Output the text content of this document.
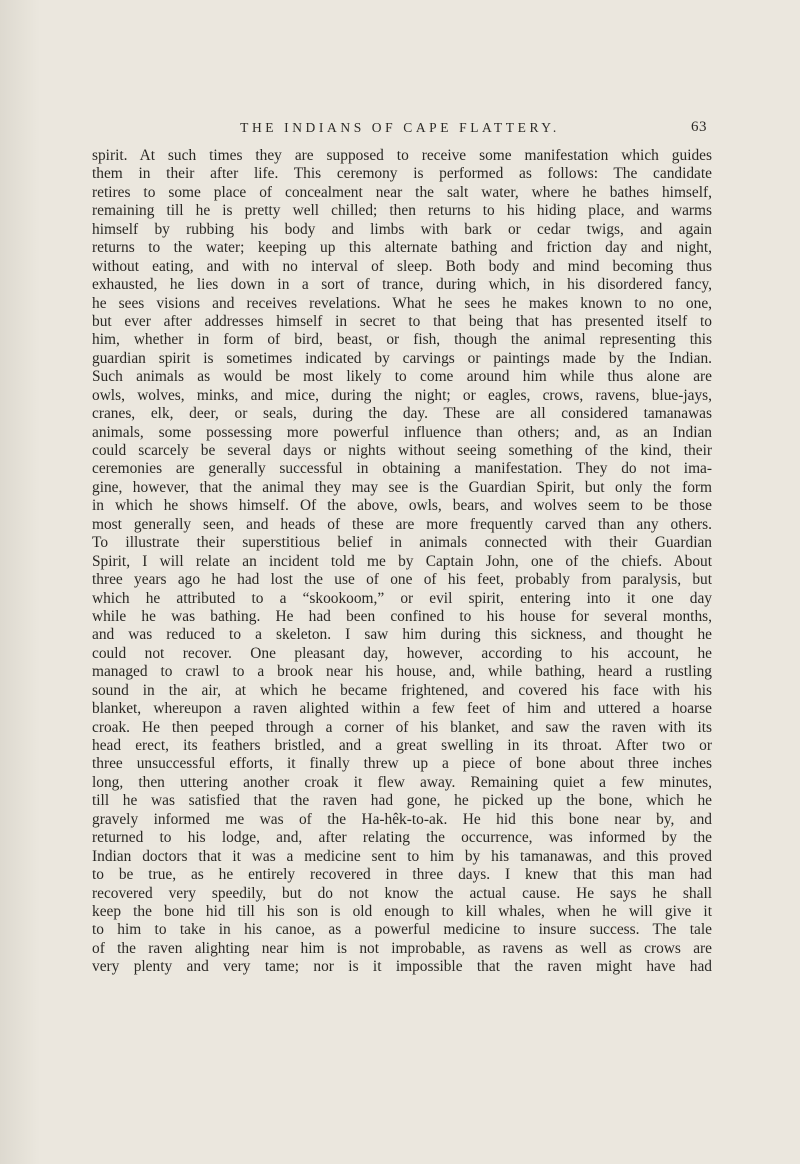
THE INDIANS OF CAPE FLATTERY.	63
spirit. At such times they are supposed to receive some manifestation which guides
them in their after life. This ceremony is performed as follows: The candidate
retires to some place of concealment near the salt water, where he bathes himself,
remaining till he is pretty well chilled; then returns to his hiding place, and warms
himself by rubbing his body and limbs with bark or cedar twigs, and again
returns to the water; keeping up this alternate bathing and friction day and night,
without eating, and with no interval of sleep. Both body and mind becoming thus
exhausted, he lies down in a sort of trance, during which, in his disordered fancy,
he sees visions and receives revelations. What he sees he makes known to no one,
but ever after addresses himself in secret to that being that has presented itself to
him, whether in form of bird, beast, or fish, though the animal representing this
guardian spirit is sometimes indicated by carvings or paintings made by the Indian.
Such animals as would be most likely to come around him while thus alone are
owls, wolves, minks, and mice, during the night; or eagles, crows, ravens, blue-jays,
cranes, elk, deer, or seals, during the day. These are all considered tamanawas
animals, some possessing more powerful influence than others; and, as an Indian
could scarcely be several days or nights without seeing something of the kind, their
ceremonies are generally successful in obtaining a manifestation. They do not ima-
gine, however, that the animal they may see is the Guardian Spirit, but only the form
in which he shows himself. Of the above, owls, bears, and wolves seem to be those
most generally seen, and heads of these are more frequently carved than any others.
To illustrate their superstitious belief in animals connected with their Guardian
Spirit, I will relate an incident told me by Captain John, one of the chiefs. About
three years ago he had lost the use of one of his feet, probably from paralysis, but
which he attributed to a “skookoom,” or evil spirit, entering into it one day
while he was bathing. He had been confined to his house for several months,
and was reduced to a skeleton. I saw him during this sickness, and thought he
could not recover. One pleasant day, however, according to his account, he
managed to crawl to a brook near his house, and, while bathing, heard a rustling
sound in the air, at which he became frightened, and covered his face with his
blanket, whereupon a raven alighted within a few feet of him and uttered a hoarse
croak. He then peeped through a corner of his blanket, and saw the raven with its
head erect, its feathers bristled, and a great swelling in its throat. After two or
three unsuccessful efforts, it finally threw up a piece of bone about three inches
long, then uttering another croak it flew away. Remaining quiet a few minutes,
till he was satisfied that the raven had gone, he picked up the bone, which he
gravely informed me was of the Ha-hêk-to-ak. He hid this bone near by, and
returned to his lodge, and, after relating the occurrence, was informed by the
Indian doctors that it was a medicine sent to him by his tamanawas, and this proved
to be true, as he entirely recovered in three days. I knew that this man had
recovered very speedily, but do not know the actual cause. He says he shall
keep the bone hid till his son is old enough to kill whales, when he will give it
to him to take in his canoe, as a powerful medicine to insure success. The tale
of the raven alighting near him is not improbable, as ravens as well as crows are
very plenty and very tame; nor is it impossible that the raven might have had
